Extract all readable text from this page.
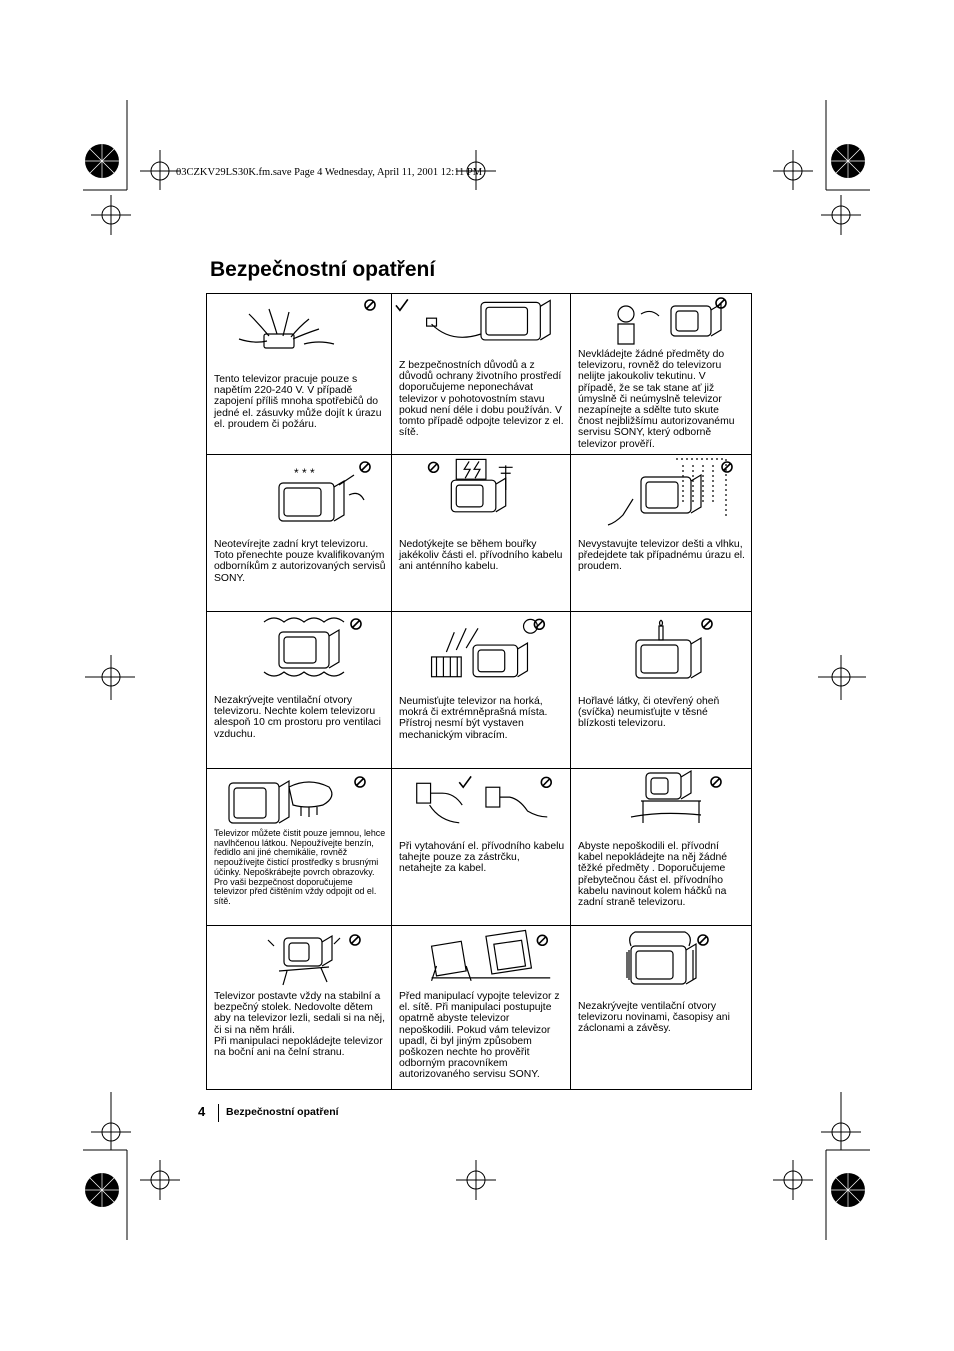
03CZKV29LS30K.fm.save Page 4 Wednesday, April 11, 2001 12:11 PM
Bezpečnostní opatření
Tento televizor pracuje pouze s napětím 220-240 V. V případě zapojení příliš mnoha spotřebičů do jedné el. zásuvky může dojít k úrazu el. proudem či požáru.
Z bezpečnostních důvodů a z důvodů ochrany životního prostředí doporučujeme neponechávat televizor v pohotovostním stavu pokud není déle i dobu používán. V tomto případě odpojte televizor z el. sítě.
Nevkládejte žádné předměty do televizoru, rovněž do televizoru nelijte jakoukoliv tekutinu. V případě, že se tak stane ať již úmyslně či neúmyslně televizor nezapínejte a sdělte tuto skute čnost nejbližšímu autorizovanému servisu SONY, který odborně televizor prověří.
* * *
Neotevírejte zadní kryt televizoru. Toto přenechte pouze kvalifikovaným odborníkům z autorizovaných servisů SONY.
Nedotýkejte se během bouřky jakékoliv části el. přívodního kabelu ani anténního kabelu.
Nevystavujte televizor dešti a vlhku, předejdete tak případnému úrazu el. proudem.
Nezakrývejte ventilační otvory televizoru. Nechte kolem televizoru alespoň 10 cm prostoru pro ventilaci vzduchu.
Neumisťujte televizor na horká, mokrá či extrémněprašná místa. Přístroj nesmí být vystaven mechanickým vibracím.
Hořlavé látky, či otevřený oheň (svíčka) neumisťujte v těsné blízkosti televizoru.
Televizor můžete čistit pouze jemnou, lehce navlhčenou látkou. Nepoužívejte benzín, ředidlo ani jiné chemikálie, rovněž nepoužívejte čisticí prostředky s brusnými účinky. Nepoškrábejte povrch obrazovky. Pro vaši bezpečnost doporučujeme televizor před čištěním vždy odpojit od el. sítě.
Při vytahování el. přívodního kabelu tahejte pouze za zástrčku, netahejte za kabel.
Abyste nepoškodili el. přívodní kabel nepokládejte na něj žádné těžké předměty . Doporučujeme přebytečnou část el. přívodního kabelu navinout kolem háčků na zadní straně televizoru.
Televizor postavte vždy na stabilní a bezpečný stolek. Nedovolte dětem aby na televizor lezli, sedali si na něj, či si na něm hráli.
Při manipulaci nepokládejte televizor na boční ani na čelní stranu.
Před manipulací vypojte televizor z el. sítě. Při manipulaci postupujte opatrně abyste televizor nepoškodili. Pokud vám televizor upadl, či byl jiným způsobem poškozen nechte ho prověřit odborným pracovníkem autorizovaného servisu SONY.
Nezakrývejte ventilační otvory televizoru novinami, časopisy ani záclonami a závěsy.
4 Bezpečnostní opatření
